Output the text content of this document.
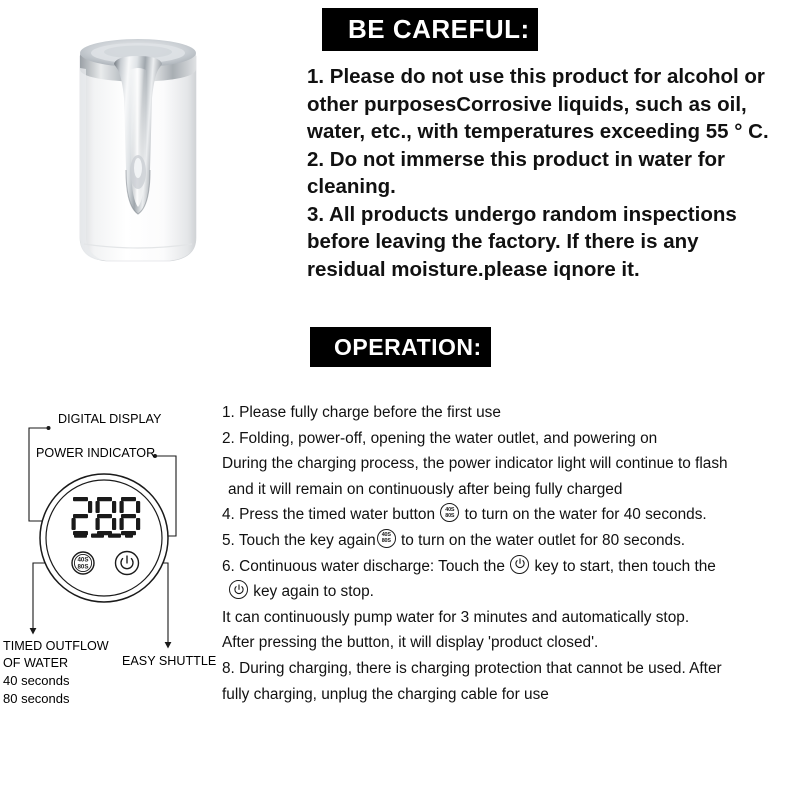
BE CAREFUL:

1. Please do not use this product for alcohol or

other purposesCorrosive liquids, such as oil,

water, etc., with temperatures exceeding 55 ° C.

2. Do not immerse this product in water for

cleaning.

3. All products undergo random inspections

before leaving the factory. If there is any

residual moisture.please iqnore it.

OPERATION:

1. Please fully charge before the first use

2. Folding, power-off, opening the water outlet, and powering on

During the charging process, the power indicator light will continue to flash

and it will remain on continuously after being fully charged

4. Press the timed water button 40S 80S to turn on the water for 40 seconds.

5. Touch the key again40S 80S to turn on the water outlet for 80 seconds.

6. Continuous water discharge: Touch the
key to start, then touch the

key again to stop.

It can continuously pump water for 3 minutes and automatically stop.

After pressing the button, it will display 'product closed'.

8. During charging, there is charging protection that cannot be used. After

fully charging, unplug the charging cable for use

40S
80S
DIGITAL DISPLAY
POWER INDICATOR
TIMED OUTFLOW
OF WATER
40 seconds
80 seconds
EASY SHUTTLE
